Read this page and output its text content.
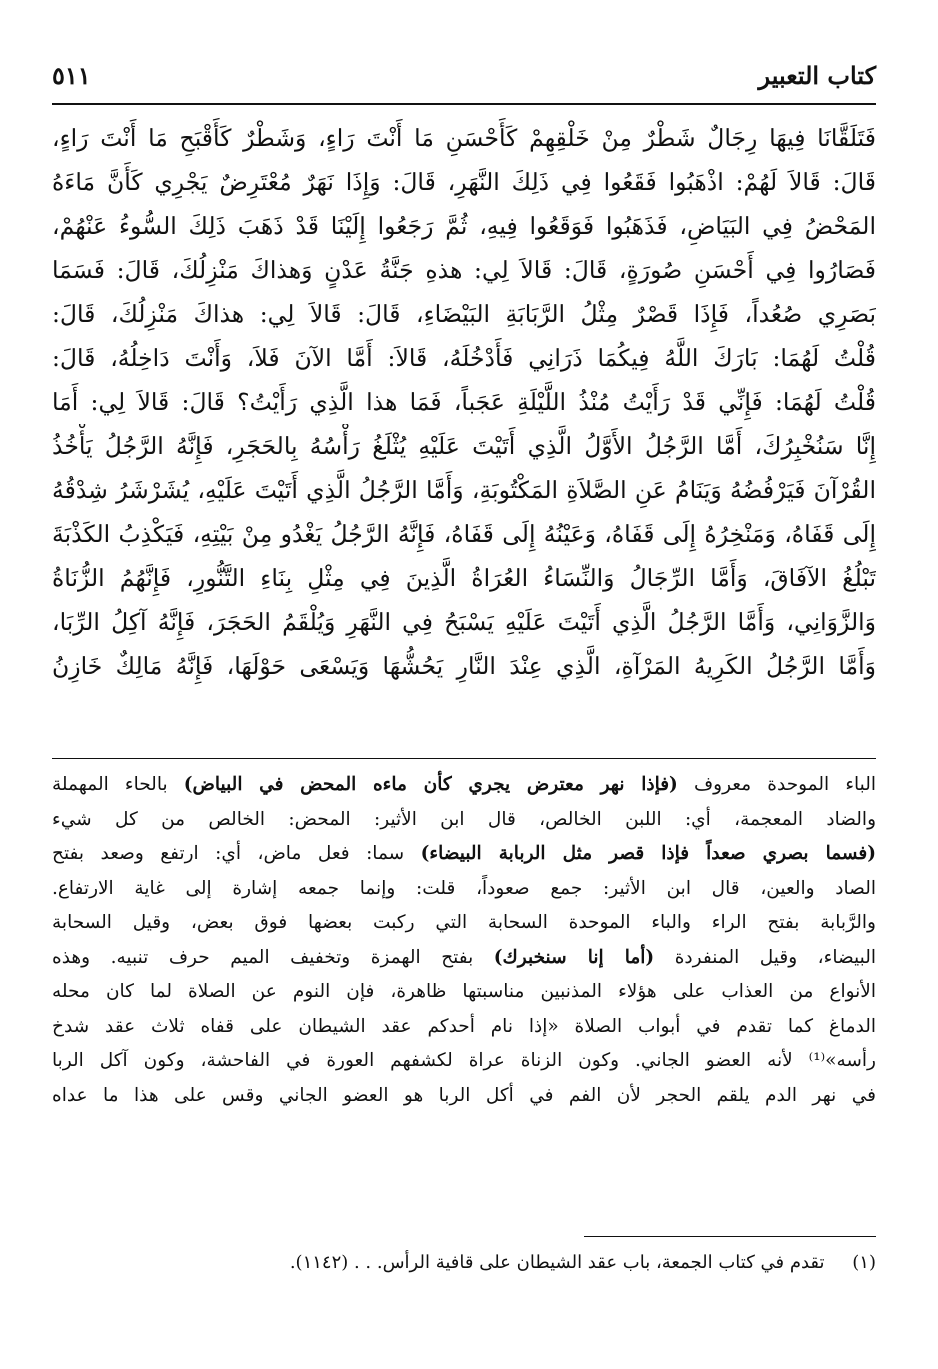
كتاب التعبير
٥١١
فَتَلَقَّانَا فِيهَا رِجَالٌ شَطْرٌ مِنْ خَلْقِهِمْ كَأَحْسَنِ مَا أَنْتَ رَاءٍ، وَشَطْرٌ كَأَقْبَحِ مَا أَنْتَ رَاءٍ،
قَالَ: قَالاَ لَهُمْ: اذْهَبُوا فَقَعُوا فِي ذَلِكَ النَّهَرِ، قَالَ: وَإِذَا نَهَرٌ مُعْتَرِضٌ يَجْرِي كَأَنَّ مَاءَهُ
المَحْضُ فِي البَيَاضِ، فَذَهَبُوا فَوَقَعُوا فِيهِ، ثُمَّ رَجَعُوا إِلَيْنَا قَدْ ذَهَبَ ذَلِكَ السُّوءُ عَنْهُمْ،
فَصَارُوا فِي أَحْسَنِ صُورَةٍ، قَالَ: قَالاَ لِي: هذهِ جَنَّةُ عَدْنٍ وَهذاكَ مَنْزِلُكَ، قَالَ: فَسَمَا
بَصَرِي صُعُداً، فَإِذَا قَصْرٌ مِثْلُ الرَّبَابَةِ البَيْضَاءِ، قَالَ: قَالاَ لِي: هذاكَ مَنْزِلُكَ، قَالَ:
قُلْتُ لَهُمَا: بَارَكَ اللَّهُ فِيكُمَا ذَرَانِي فَأَدْخُلَهُ، قَالاَ: أَمَّا الآنَ فَلاَ، وَأَنْتَ دَاخِلُهُ، قَالَ:
قُلْتُ لَهُمَا: فَإِنِّي قَدْ رَأَيْتُ مُنْذُ اللَّيْلَةِ عَجَباً، فَمَا هذا الَّذِي رَأَيْتُ؟ قَالَ: قَالاَ لِي: أَمَا
إِنَّا سَنُخْبِرُكَ، أَمَّا الرَّجُلُ الأَوَّلُ الَّذِي أَتَيْتَ عَلَيْهِ يُثْلَغُ رَأْسُهُ بِالحَجَرِ، فَإِنَّهُ الرَّجُلُ يَأْخُذُ
القُرْآنَ فَيَرْفُضُهُ وَيَنَامُ عَنِ الصَّلاَةِ المَكْتُوبَةِ، وَأَمَّا الرَّجُلُ الَّذِي أَتَيْتَ عَلَيْهِ، يُشَرْشَرُ شِدْقُهُ
إِلَى قَفَاهُ، وَمَنْخِرُهُ إِلَى قَفَاهُ، وَعَيْنُهُ إِلَى قَفَاهُ، فَإِنَّهُ الرَّجُلُ يَغْدُو مِنْ بَيْتِهِ، فَيَكْذِبُ الكَذْبَةَ
تَبْلُغُ الآفَاقَ، وَأَمَّا الرِّجَالُ وَالنِّسَاءُ العُرَاةُ الَّذِينَ فِي مِثْلِ بِنَاءِ التَّنُّورِ، فَإِنَّهُمُ الزُّنَاةُ
وَالزَّوَانِي، وَأَمَّا الرَّجُلُ الَّذِي أَتَيْتَ عَلَيْهِ يَسْبَحُ فِي النَّهَرِ وَيُلْقَمُ الحَجَرَ، فَإِنَّهُ آكِلُ الرِّبَا،
وَأَمَّا الرَّجُلُ الكَرِيهُ المَرْآةِ، الَّذِي عِنْدَ النَّارِ يَحُشُّهَا وَيَسْعَى حَوْلَهَا، فَإِنَّهُ مَالِكٌ خَازِنُ
الباء الموحدة معروف (فإذا نهر معترض يجري كأن ماءه المحض في البياض) بالحاء المهملة
والضاد المعجمة، أي: اللبن الخالص، قال ابن الأثير: المحض: الخالص من كل شيء
(فسما بصري صعداً فإذا قصر مثل الربابة البيضاء) سما: فعل ماض، أي: ارتفع وصعد بفتح
الصاد والعين، قال ابن الأثير: جمع صعوداً، قلت: وإنما جمعه إشارة إلى غاية الارتفاع.
والرَّبابة بفتح الراء والباء الموحدة السحابة التي ركبت بعضها فوق بعض، وقيل السحابة
البيضاء، وقيل المنفردة (أما إنا سنخبرك) بفتح الهمزة وتخفيف الميم حرف تنبيه. وهذه
الأنواع من العذاب على هؤلاء المذنبين مناسبتها ظاهرة، فإن النوم عن الصلاة لما كان محله
الدماغ كما تقدم في أبواب الصلاة «إذا نام أحدكم عقد الشيطان على قفاه ثلاث عقد شدخ
رأسه»⁽¹⁾ لأنه العضو الجاني. وكون الزناة عراة لكشفهم العورة في الفاحشة، وكون آكل الربا
في نهر الدم يلقم الحجر لأن الفم في أكل الربا هو العضو الجاني وقس على هذا ما عداه
(١) تقدم في كتاب الجمعة، باب عقد الشيطان على قافية الرأس. . . (١١٤٢).
